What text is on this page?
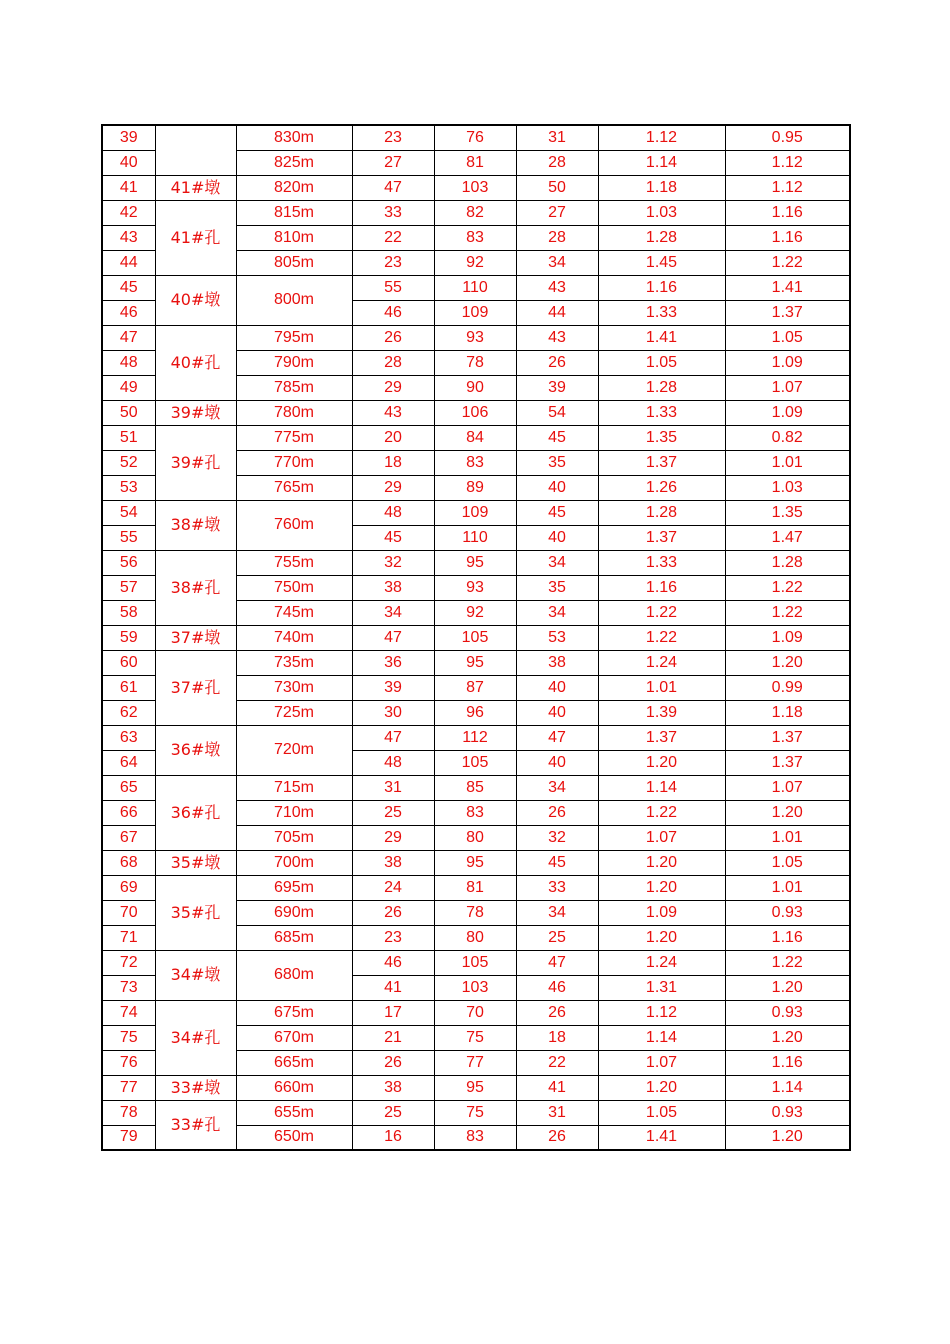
39		830m	23	76	31	1.12	0.95
40		825m	27	81	28	1.14	1.12
41	41#墩	820m	47	103	50	1.18	1.12
42	41#孔	815m	33	82	27	1.03	1.16
43		810m	22	83	28	1.28	1.16
44		805m	23	92	34	1.45	1.22
45	40#墩	800m	55	110	43	1.16	1.41
46			46	109	44	1.33	1.37
47	40#孔	795m	26	93	43	1.41	1.05
48		790m	28	78	26	1.05	1.09
49		785m	29	90	39	1.28	1.07
50	39#墩	780m	43	106	54	1.33	1.09
51	39#孔	775m	20	84	45	1.35	0.82
52		770m	18	83	35	1.37	1.01
53		765m	29	89	40	1.26	1.03
54	38#墩	760m	48	109	45	1.28	1.35
55			45	110	40	1.37	1.47
56	38#孔	755m	32	95	34	1.33	1.28
57		750m	38	93	35	1.16	1.22
58		745m	34	92	34	1.22	1.22
59	37#墩	740m	47	105	53	1.22	1.09
60	37#孔	735m	36	95	38	1.24	1.20
61		730m	39	87	40	1.01	0.99
62		725m	30	96	40	1.39	1.18
63	36#墩	720m	47	112	47	1.37	1.37
64			48	105	40	1.20	1.37
65	36#孔	715m	31	85	34	1.14	1.07
66		710m	25	83	26	1.22	1.20
67		705m	29	80	32	1.07	1.01
68	35#墩	700m	38	95	45	1.20	1.05
69	35#孔	695m	24	81	33	1.20	1.01
70		690m	26	78	34	1.09	0.93
71		685m	23	80	25	1.20	1.16
72	34#墩	680m	46	105	47	1.24	1.22
73			41	103	46	1.31	1.20
74	34#孔	675m	17	70	26	1.12	0.93
75		670m	21	75	18	1.14	1.20
76		665m	26	77	22	1.07	1.16
77	33#墩	660m	38	95	41	1.20	1.14
78	33#孔	655m	25	75	31	1.05	0.93
79		650m	16	83	26	1.41	1.20
